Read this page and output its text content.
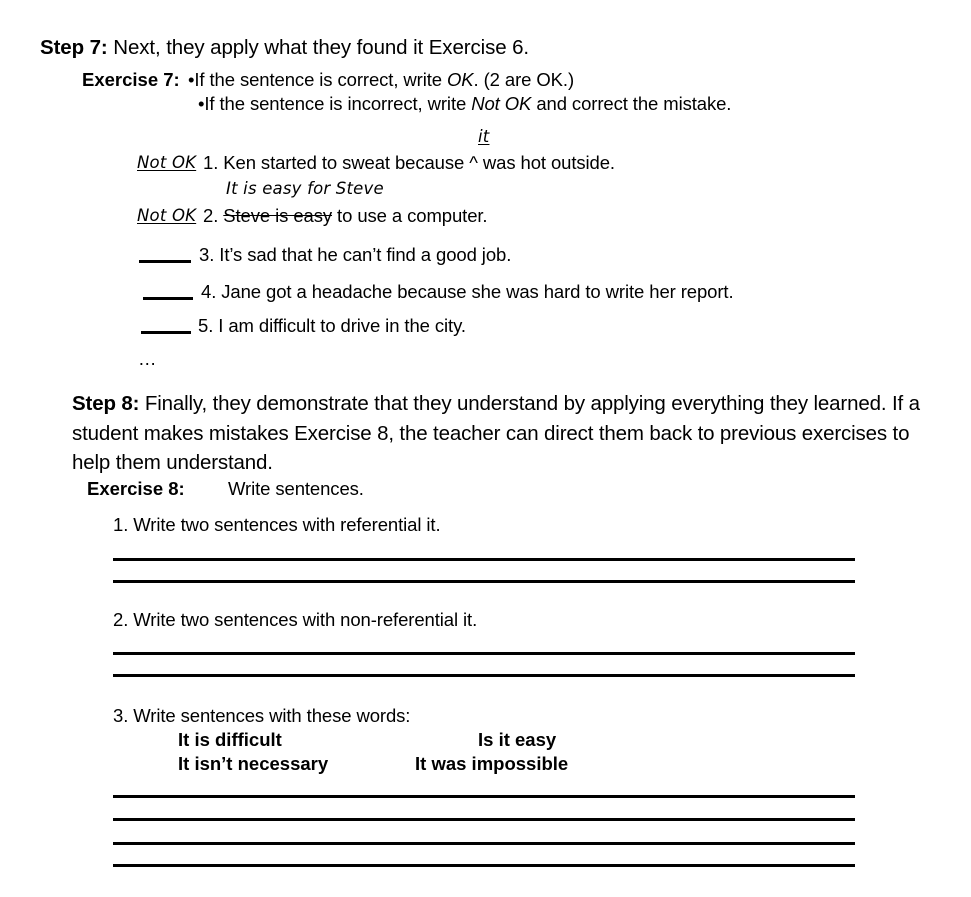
Step 7: Next, they apply what they found it Exercise 6.
Exercise 7: •If the sentence is correct, write OK. (2 are OK.)
•If the sentence is incorrect, write Not OK and correct the mistake.
it
Not OK 1. Ken started to sweat because ^ was hot outside.
It is easy for Steve
Not OK 2. Steve is easy to use a computer.
3. It’s sad that he can’t find a good job.
4. Jane got a headache because she was hard to write her report.
5. I am difficult to drive in the city.
…
Step 8: Finally, they demonstrate that they understand by applying everything they learned. If a student makes mistakes Exercise 8, the teacher can direct them back to previous exercises to help them understand.
Exercise 8: Write sentences.
1. Write two sentences with referential it.
2. Write two sentences with non-referential it.
3. Write sentences with these words:
It is difficult
It isn’t necessary
Is it easy
It was impossible
